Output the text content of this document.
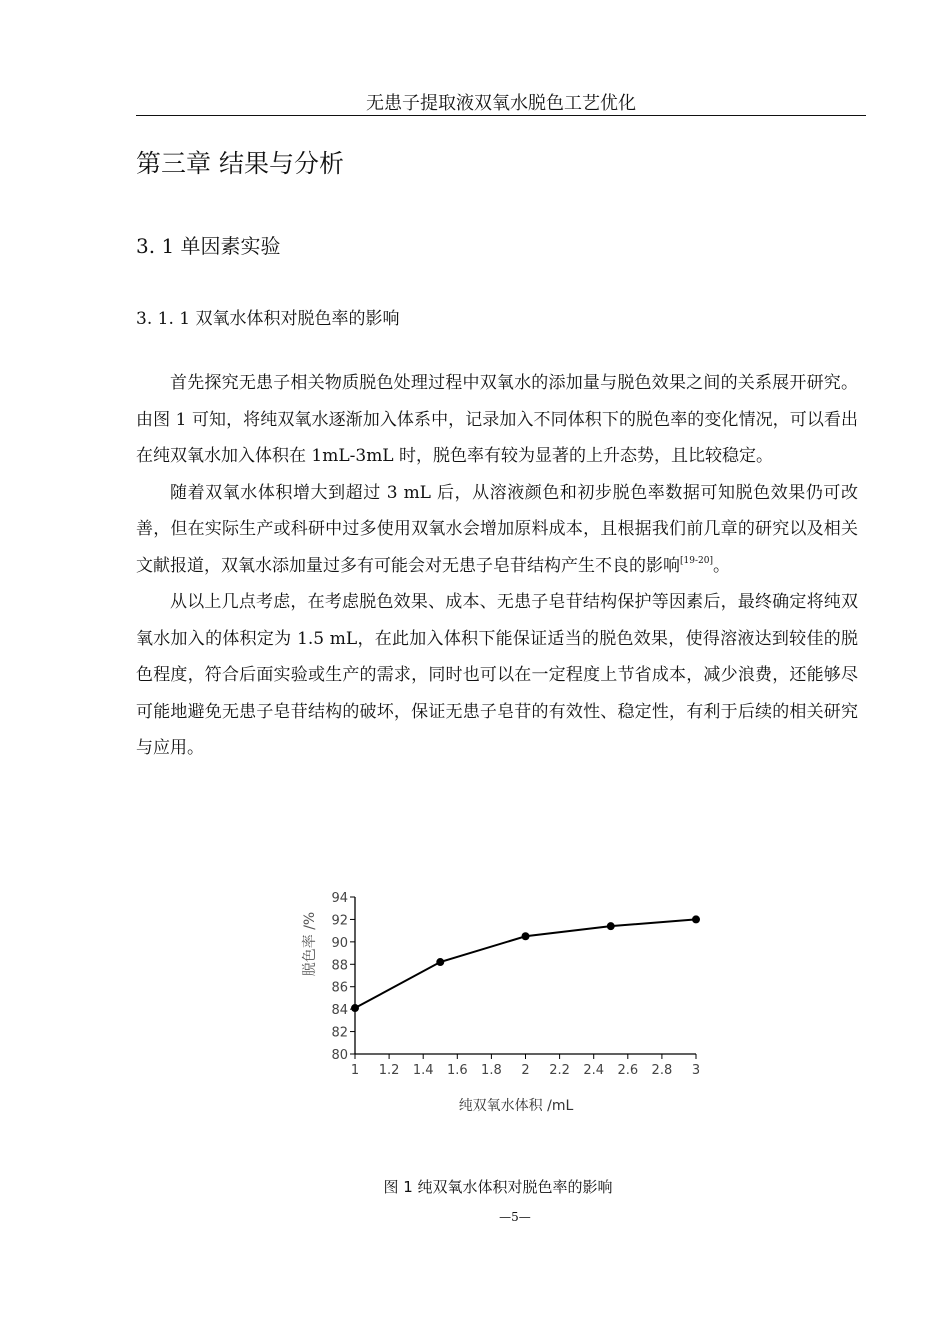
无患子提取液双氧水脱色工艺优化
第三章 结果与分析
3. 1 单因素实验
3. 1. 1 双氧水体积对脱色率的影响

首先探究无患子相关物质脱色处理过程中双氧水的添加量与脱色效果之间的关系展开研究。由图 1 可知，将纯双氧水逐渐加入体系中，记录加入不同体积下的脱色率的变化情况，可以看出在纯双氧水加入体积在 1mL-3mL 时，脱色率有较为显著的上升态势，且比较稳定。

随着双氧水体积增大到超过 3 mL 后，从溶液颜色和初步脱色率数据可知脱色效果仍可改善，但在实际生产或科研中过多使用双氧水会增加原料成本，且根据我们前几章的研究以及相关文献报道，双氧水添加量过多有可能会对无患子皂苷结构产生不良的影响[19-20]。

从以上几点考虑，在考虑脱色效果、成本、无患子皂苷结构保护等因素后，最终确定将纯双氧水加入的体积定为 1.5 mL，在此加入体积下能保证适当的脱色效果，使得溶液达到较佳的脱色程度，符合后面实验或生产的需求，同时也可以在一定程度上节省成本，减少浪费，还能够尽可能地避免无患子皂苷结构的破坏，保证无患子皂苷的有效性、稳定性，有利于后续的相关研究与应用。

脱色率 /%
80
82
84
86
88
90
92
94
1 1.2 1.4 1.6 1.8 2 2.2 2.4 2.6 2.8 3
纯双氧水体积 /mL
图 1 纯双氧水体积对脱色率的影响
—5—
